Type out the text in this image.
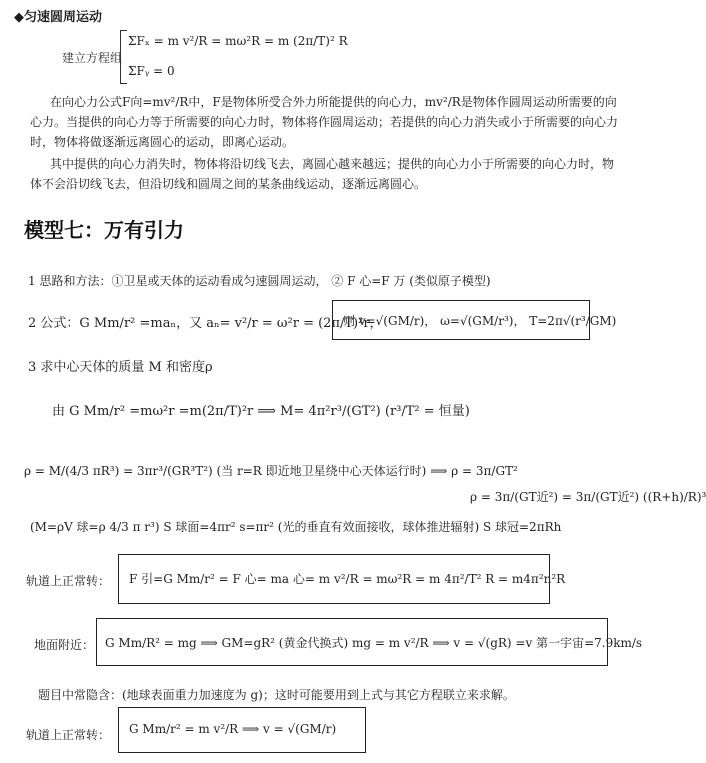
◆匀速圆周运动
建立方程组
ΣFₓ = m v²/R = mω²R = m (2π/T)² R
ΣFᵧ = 0
在向心力公式F向=mv²/R中，F是物体所受合外力所能提供的向心力，mv²/R是物体作圆周运动所需要的向心力。当提供的向心力等于所需要的向心力时，物体将作圆周运动；若提供的向心力消失或小于所需要的向心力时，物体将做逐渐远离圆心的运动，即离心运动。
其中提供的向心力消失时，物体将沿切线飞去，离圆心越来越远；提供的向心力小于所需要的向心力时，物体不会沿切线飞去，但沿切线和圆周之间的某条曲线运动，逐渐远离圆心。
模型七：万有引力
1 思路和方法：①卫星或天体的运动看成匀速圆周运动， ② F 心=F 万 (类似原子模型)
2 公式：G Mm/r² =maₙ，又 aₙ= v²/r = ω²r = (2π/T)²r，
则 v=√(GM/r)， ω=√(GM/r³)， T=2π√(r³/GM)
3 求中心天体的质量 M 和密度ρ
由 G Mm/r² =mω²r =m(2π/T)²r ⟹ M= 4π²r³/(GT²) (r³/T² = 恒量)
ρ = M/(4/3 πR³) = 3πr³/(GR³T²) (当 r=R 即近地卫星绕中心天体运行时) ⟹ ρ = 3π/GT²
ρ = 3π/(GT近²) = 3π/(GT近²) ((R+h)/R)³
(M=ρV 球=ρ 4/3 π r³) S 球面=4πr² s=πr² (光的垂直有效面接收，球体推进辐射) S 球冠=2πRh
轨道上正常转： F 引=G Mm/r² = F 心= ma 心= m v²/R = mω²R = m 4π²/T² R = m4π²n²R
地面附近： G Mm/R² = mg ⟹ GM=gR² (黄金代换式) mg = m v²/R ⟹ v = √(gR) =v 第一宇宙=7.9km/s
题目中常隐含：(地球表面重力加速度为 g)；这时可能要用到上式与其它方程联立来求解。
轨道上正常转： G Mm/r² = m v²/R ⟹ v = √(GM/r)
